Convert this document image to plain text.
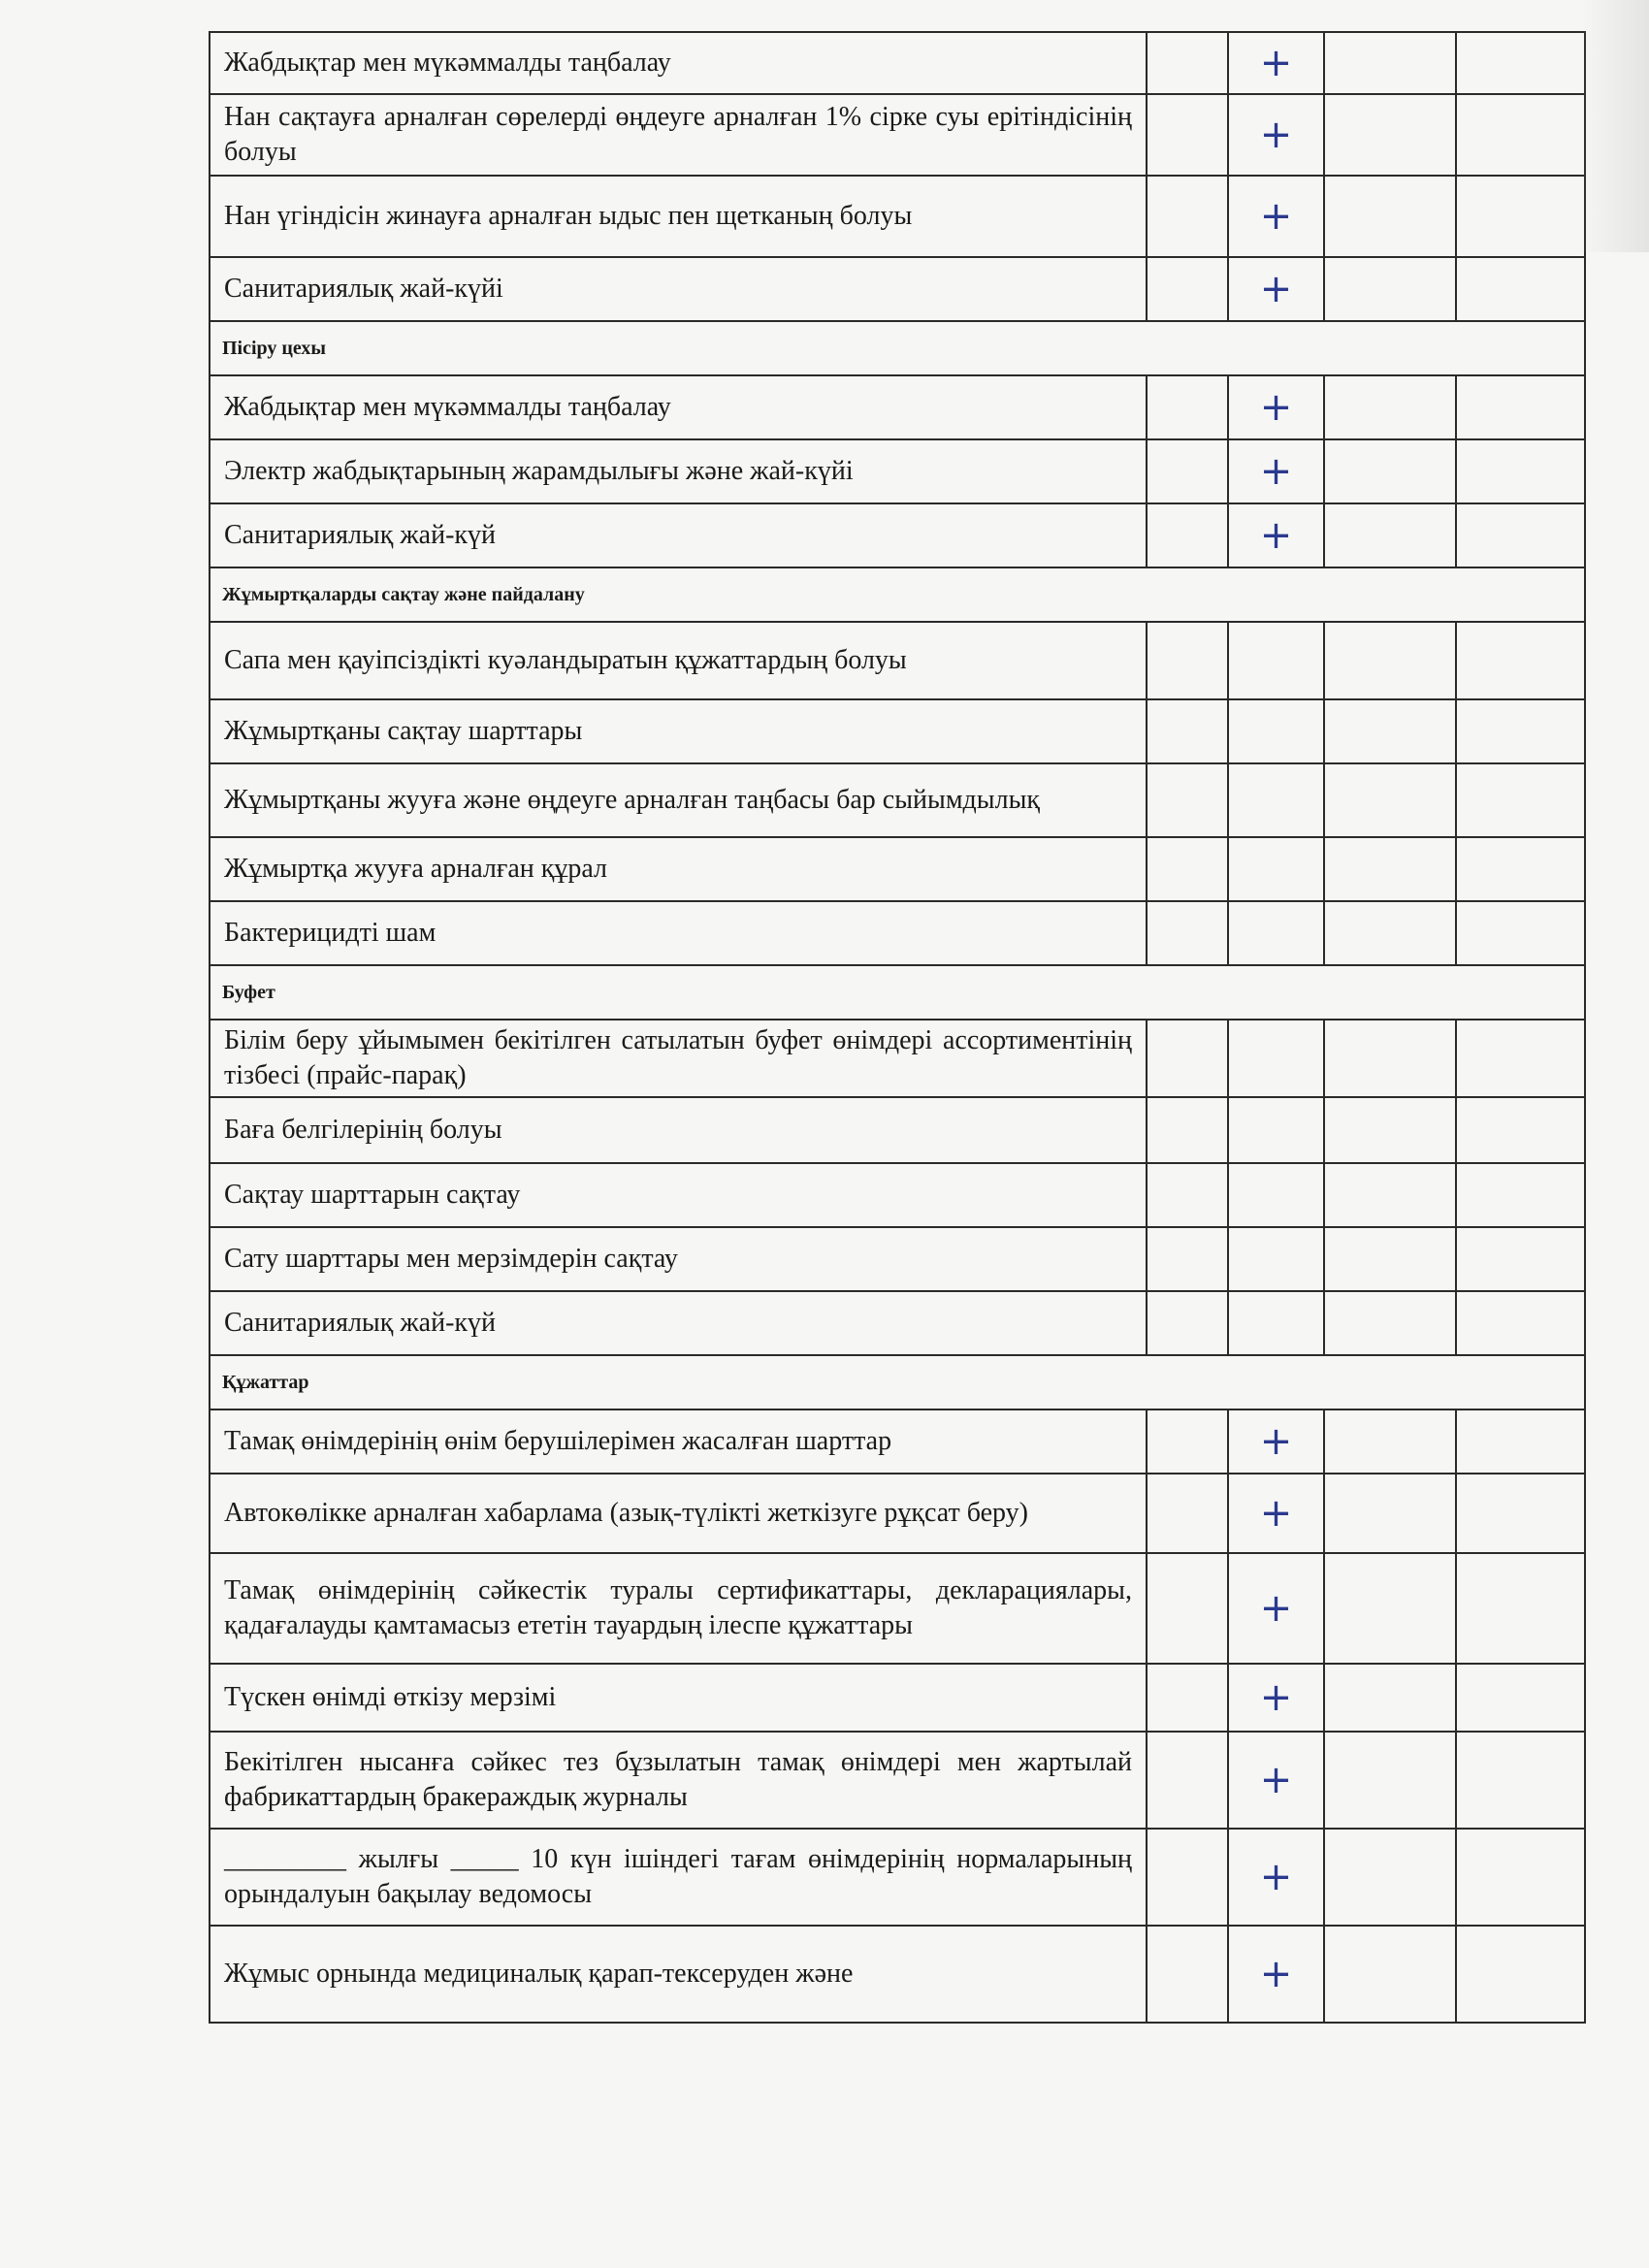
Жабдықтар мен мүкәммалды таңбалау		+		
Нан сақтауға арналған сөрелерді өңдеуге арналған 1% сірке суы ерітіндісінің болуы		+		
Нан үгіндісін жинауға арналған ыдыс пен щетканың болуы		+		
Санитариялық жай-күйі		+		
Пісіру цехы				
Жабдықтар мен мүкәммалды таңбалау		+		
Электр жабдықтарының жарамдылығы және жай-күйі		+		
Санитариялық жай-күй		+		
Жұмыртқаларды сақтау және пайдалану				
Сапа мен қауіпсіздікті куәландыратын құжаттардың болуы				
Жұмыртқаны сақтау шарттары				
Жұмыртқаны жууға және өңдеуге арналған таңбасы бар сыйымдылық				
Жұмыртқа жууға арналған құрал				
Бактерицидті шам				
Буфет				
Білім беру ұйымымен бекітілген сатылатын буфет өнімдері ассортиментінің тізбесі (прайс-парақ)				
Баға белгілерінің болуы				
Сақтау шарттарын сақтау				
Сату шарттары мен мерзімдерін сақтау				
Санитариялық жай-күй				
Құжаттар				
Тамақ өнімдерінің өнім берушілерімен жасалған шарттар		+		
Автокөлікке арналған хабарлама (азық-түлікті жеткізуге рұқсат беру)		+		
Тамақ өнімдерінің сәйкестік туралы сертификаттары, декларациялары, қадағалауды қамтамасыз ететін тауардың ілеспе құжаттары		+		
Түскен өнімді өткізу мерзімі		+		
Бекітілген нысанға сәйкес тез бұзылатын тамақ өнімдері мен жартылай фабрикаттардың бракераждық журналы		+		
_________ жылғы _____ 10 күн ішіндегі тағам өнімдерінің нормаларының орындалуын бақылау ведомосы		+		
Жұмыс орнында медициналық қарап-тексеруден және		+		
